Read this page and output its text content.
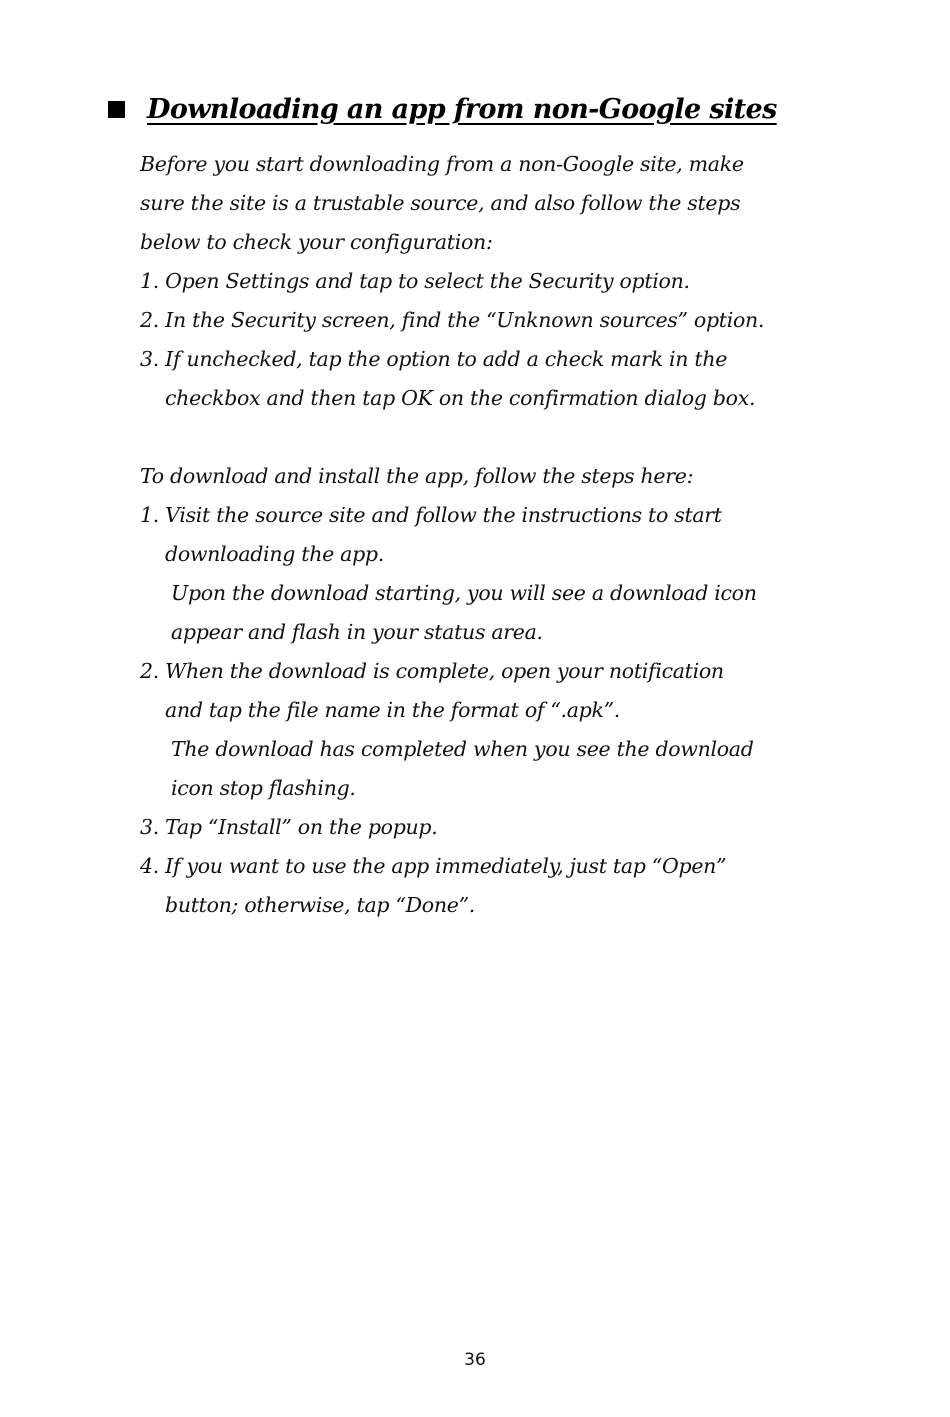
Downloading an app from non-Google sites
Before you start downloading from a non-Google site, make
sure the site is a trustable source, and also follow the steps
below to check your configuration:
1. Open Settings and tap to select the Security option.
2. In the Security screen, find the “Unknown sources” option.
3. If unchecked, tap the option to add a check mark in the
checkbox and then tap OK on the confirmation dialog box.
To download and install the app, follow the steps here:
1. Visit the source site and follow the instructions to start
downloading the app.
Upon the download starting, you will see a download icon
appear and flash in your status area.
2. When the download is complete, open your notification
and tap the file name in the format of “.apk”.
The download has completed when you see the download
icon stop flashing.
3. Tap “Install” on the popup.
4. If you want to use the app immediately, just tap “Open”
button; otherwise, tap “Done”.
36
